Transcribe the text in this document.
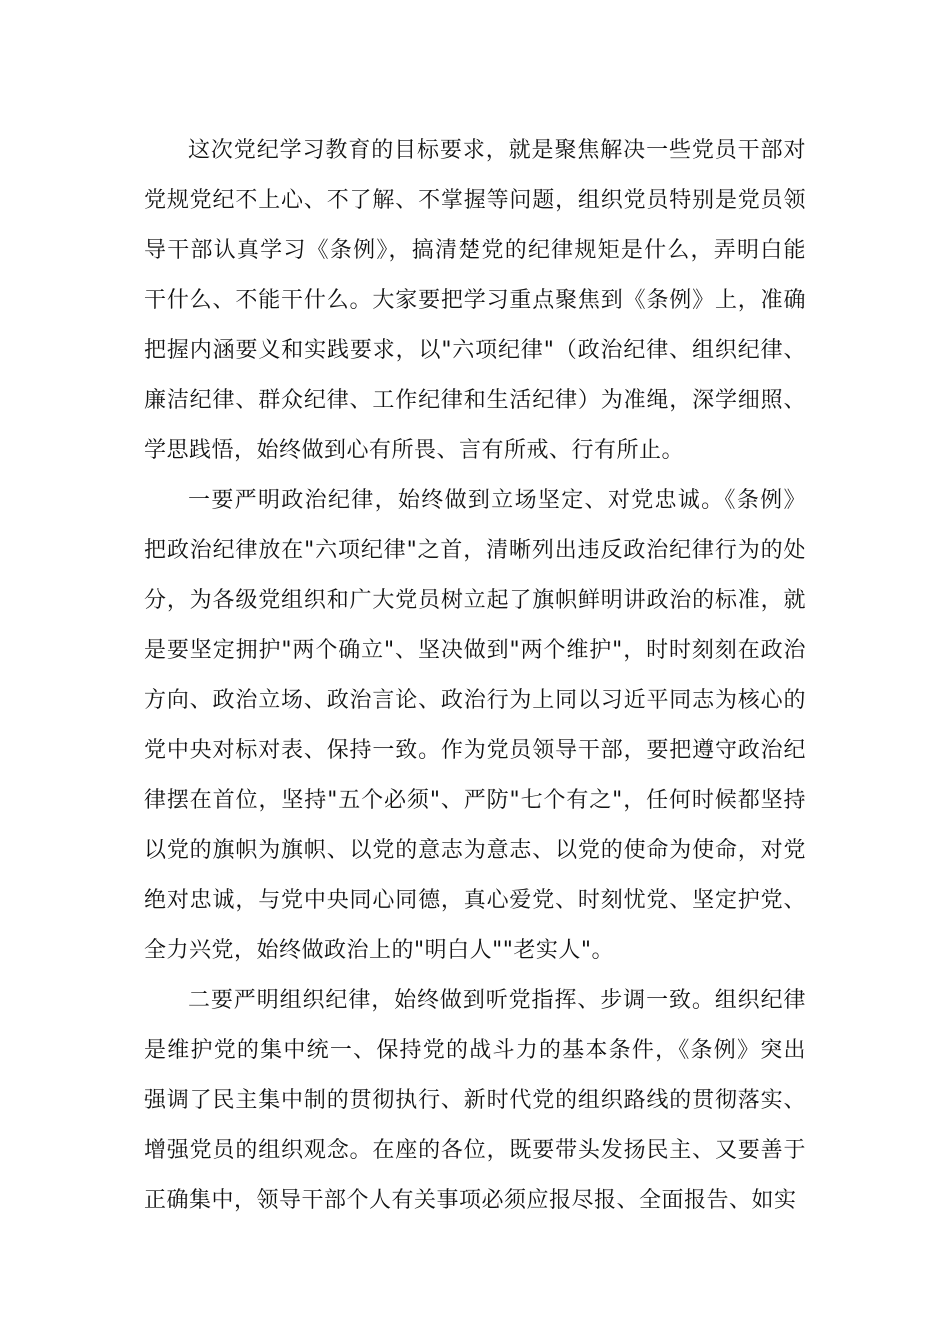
这次党纪学习教育的目标要求，就是聚焦解决一些党员干部对党规党纪不上心、不了解、不掌握等问题，组织党员特别是党员领导干部认真学习《条例》，搞清楚党的纪律规矩是什么，弄明白能干什么、不能干什么。大家要把学习重点聚焦到《条例》上，准确把握内涵要义和实践要求，以"六项纪律"（政治纪律、组织纪律、廉洁纪律、群众纪律、工作纪律和生活纪律）为准绳，深学细照、学思践悟，始终做到心有所畏、言有所戒、行有所止。

一要严明政治纪律，始终做到立场坚定、对党忠诚。《条例》把政治纪律放在"六项纪律"之首，清晰列出违反政治纪律行为的处分，为各级党组织和广大党员树立起了旗帜鲜明讲政治的标准，就是要坚定拥护"两个确立"、坚决做到"两个维护"，时时刻刻在政治方向、政治立场、政治言论、政治行为上同以习近平同志为核心的党中央对标对表、保持一致。作为党员领导干部，要把遵守政治纪律摆在首位，坚持"五个必须"、严防"七个有之"，任何时候都坚持以党的旗帜为旗帜、以党的意志为意志、以党的使命为使命，对党绝对忠诚，与党中央同心同德，真心爱党、时刻忧党、坚定护党、全力兴党，始终做政治上的"明白人""老实人"。

二要严明组织纪律，始终做到听党指挥、步调一致。组织纪律是维护党的集中统一、保持党的战斗力的基本条件，《条例》突出强调了民主集中制的贯彻执行、新时代党的组织路线的贯彻落实、增强党员的组织观念。在座的各位，既要带头发扬民主、又要善于正确集中，领导干部个人有关事项必须应报尽报、全面报告、如实
